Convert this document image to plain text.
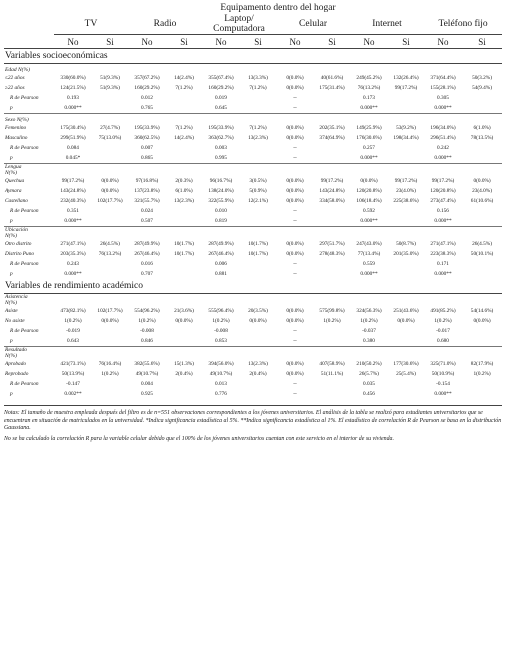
	Equipamento dentro del hogar											
	TV		Radio		Laptop/ Computadora		Celular		Internet		Teléfono fijo	
	No	Si	No	Si	No	Si	No	Si	No	Si	No	Si
Variables socioeconómicas												

Edad N(%)												

≤22 años	330(60.0%)	51(9.3%)	357(67.2%)	14(2.4%)	355(67.4%)	13(3.3%)	0(0.0%)	40(61.6%)	249(45.2%)	132(26.4%)	371(64.4%)	50(3.2%)
≥22 años	124(21.5%)	51(9.3%)	160(29.2%)	7(1.2%)	160(29.2%)	7(1.2%)	0(0.0%)	175(31.4%)	76(13.2%)	99(17.2%)	155(28.1%)	54(9.4%)
R de Pearson	0.193		0.012		0.019		--		0.173		0.305	
p	0.000**		0.765		0.645		--		0.000**		0.000**	

Sexo N(%)												

Femenino	175(30.4%)	27(4.7%)	195(33.9%)	7(1.2%)	195(33.9%)	7(1.2%)	0(0.0%)	202(35.1%)	149(25.9%)	53(9.2%)	196(34.0%)	6(1.0%)
Masculino	299(51.9%)	75(13.0%)	360(62.5%)	14(2.4%)	363(62.7%)	13(2.3%)	0(0.0%)	374(64.9%)	176(30.6%)	198(34.4%)	296(51.4%)	78(13.5%)
R de Pearson	0.084		0.007		0.003		--		0.257		0.242	
p	0.045*		0.865		0.995		--		0.000**		0.000**	

Lengua
N(%)												

Quechua	99(17.2%)	0(0.0%)	97(16.8%)	2(0.3%)	96(16.7%)	3(0.5%)	0(0.0%)	99(17.2%)	0(0.0%)	99(17.2%)	99(17.2%)	0(0.0%)
Aymara	143(24.8%)	0(0.0%)	137(23.8%)	6(1.0%)	138(24.0%)	5(0.9%)	0(0.0%)	143(24.8%)	120(20.8%)	23(4.0%)	120(20.8%)	23(4.0%)
Castellano	232(40.3%)	102(17.7%)	321(55.7%)	13(2.3%)	322(55.9%)	12(2.1%)	0(0.0%)	334(58.0%)	106(18.4%)	225(38.6%)	273(47.4%)	61(10.6%)
R de Pearson	0.351		0.024		0.010		--		0.592		0.156	
p	0.000**		0.507		0.819		--		0.000**		0.000**	

Ubicación
N(%)												

Otro distrito	271(47.1%)	26(4.5%)	287(49.9%)	10(1.7%)	287(49.9%)	10(1.7%)	0(0.0%)	297(51.7%)	247(43.0%)	50(8.7%)	271(47.1%)	26(4.5%)
Distrito Puno	203(35.3%)	76(13.2%)	267(46.4%)	10(1.7%)	267(46.4%)	10(1.7%)	0(0.0%)	278(48.3%)	77(13.4%)	201(35.0%)	223(38.3%)	50(10.1%)
R de Pearson	0.243		0.016		0.006		--		0.559		0.171	
p	0.000**		0.707		0.881		--		0.000**		0.000**	
Variables de rendimiento académico												

Asistencia
N(%)												

Asiste	473(82.1%)	102(17.7%)	554(96.2%)	21(3.6%)	555(96.4%)	20(3.5%)	0(0.0%)	575(99.8%)	324(56.3%)	251(43.6%)	491(85.2%)	54(14.6%)
No asiste	1(0.2%)	0(0.0%)	1(0.2%)	0(0.0%)	1(0.2%)	0(0.0%)	0(0.0%)	1(0.2%)	1(0.2%)	0(0.0%)	1(0.2%)	0(0.0%)
R de Pearson	-0.019		-0.008		-0.008		--		-0.037		-0.017	
p	0.643		0.846		0.853		--		0.380		0.680	

Resultado
N(%)												

Aprobado	421(73.1%)	76(16.4%)	382(55.6%)	15(1.3%)	394(56.0%)	13(2.3%)	0(0.0%)	407(58.9%)	210(50.2%)	177(30.6%)	325(71.0%)	82(17.9%)
Reprobado	50(13.9%)	1(0.2%)	49(10.7%)	2(0.4%)	49(10.7%)	2(0.4%)	0(0.0%)	51(11.1%)	26(5.7%)	25(5.4%)	50(10.9%)	1(0.2%)
R de Pearson	-0.147		0.004		0.013		--		0.035		-0.154	
p	0.002**		0.925		0.776		--		0.456		0.000**	

Notas: El tamaño de muestra empleada después del filtro es de n=551 observaciones correspondientes a los jóvenes universitarios. El análisis de la tabla se realizó para estudiantes universitarios que se encuentran en situación de matriculados en la universidad. *Indica significancia estadística al 5%. **Indica significancia estadística al 1%. El estadístico de correlación R de Pearson se basa en la distribución Gaussiana.

No se ha calculado la correlación R para la variable celular debido que el 100% de los jóvenes universitarios cuentan con este servicio en el interior de su vivienda.
